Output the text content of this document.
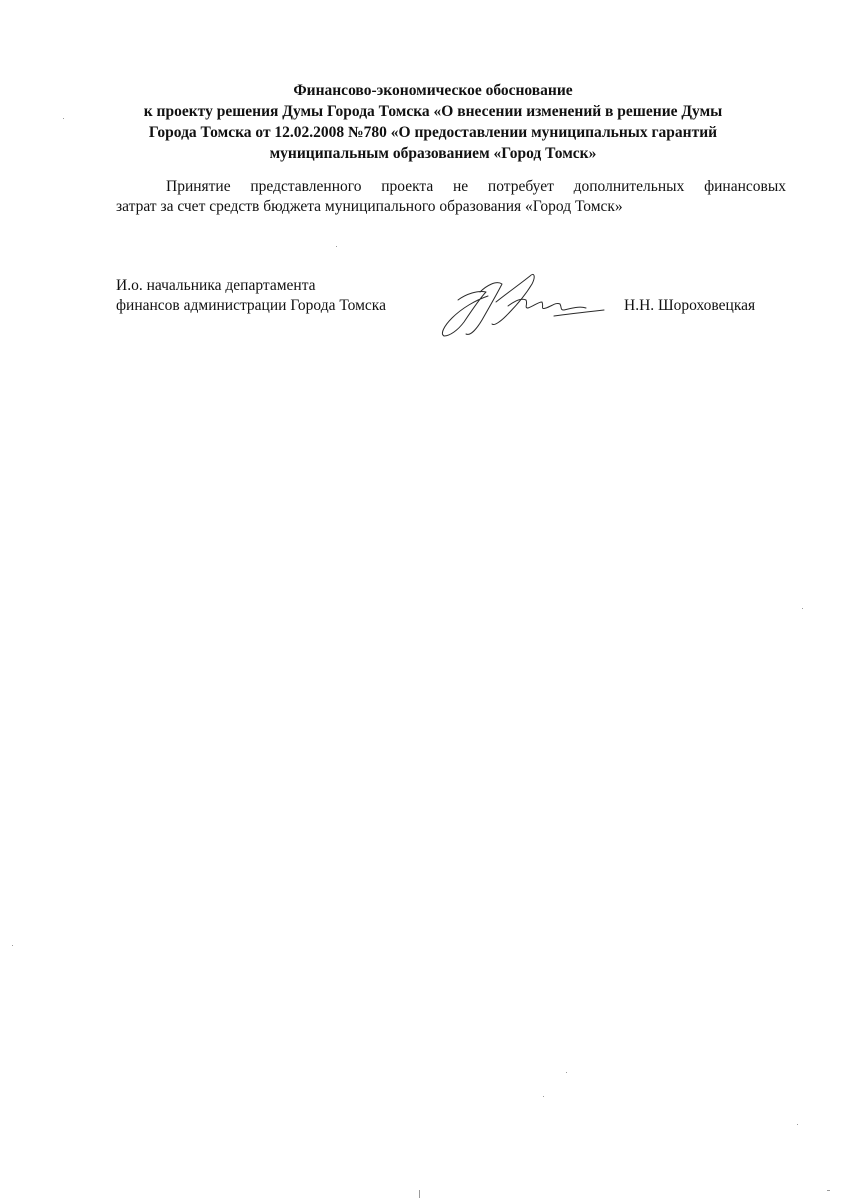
Финансово-экономическое обоснование
к проекту решения Думы Города Томска «О внесении изменений в решение Думы
Города Томска от 12.02.2008 №780 «О предоставлении муниципальных гарантий
муниципальным образованием «Город Томск»
Принятие представленного проекта не потребует дополнительных финансовых
затрат за счет средств бюджета муниципального образования «Город Томск»
И.о. начальника департамента
финансов администрации Города Томска	Н.Н. Шороховецкая
